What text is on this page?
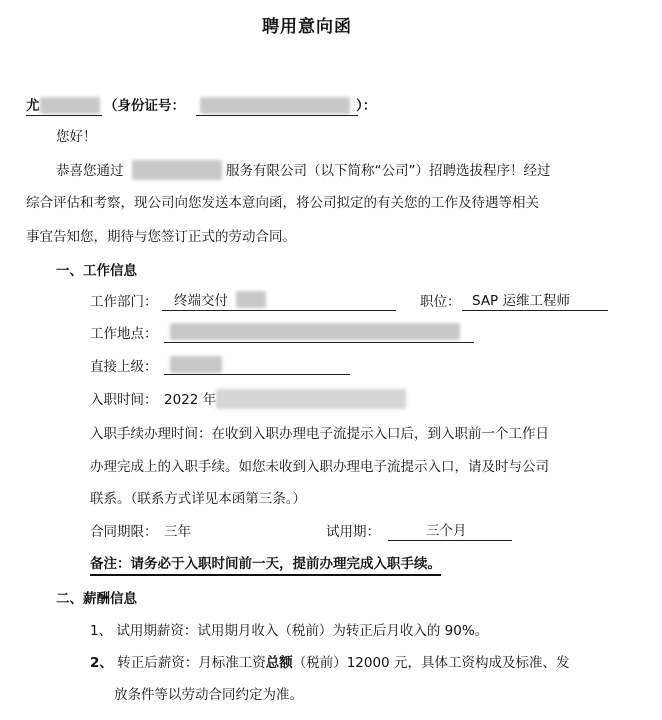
聘用意向函
尤	（身份证号：	）：
您好！
恭喜您通过	服务有限公司（以下简称“公司”）招聘选拔程序！经过
综合评估和考察，现公司向您发送本意向函，将公司拟定的有关您的工作及待遇等相关
事宜告知您，期待与您签订正式的劳动合同。
一、工作信息
工作部门： 终端交付	职位： SAP 运维工程师
工作地点：
直接上级：
入职时间： 2022 年
入职手续办理时间：在收到入职办理电子流提示入口后，到入职前一个工作日
办理完成上的入职手续。如您未收到入职办理电子流提示入口，请及时与公司
联系。（联系方式详见本函第三条。）
合同期限： 三年	试用期：	三个月
备注：请务必于入职时间前一天，提前办理完成入职手续。
二、薪酬信息
1、 试用期薪资：试用期月收入（税前）为转正后月收入的 90%。
2、 转正后薪资：月标准工资总额（税前）12000 元，具体工资构成及标准、发
放条件等以劳动合同约定为准。
